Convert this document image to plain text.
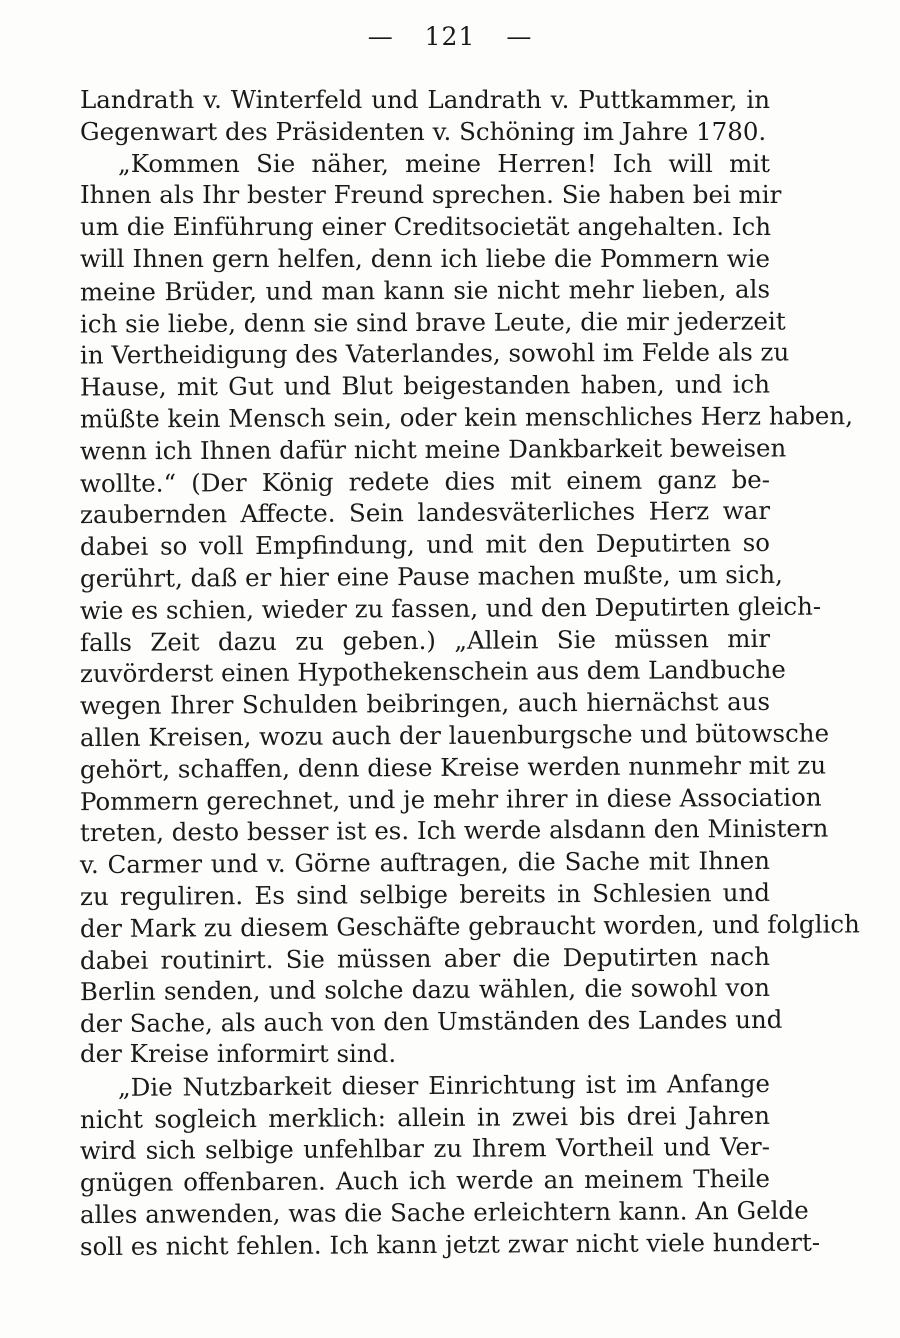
— 121 —
Landrath v. Winterfeld und Landrath v. Puttkammer, in
Gegenwart des Präsidenten v. Schöning im Jahre 1780.
„Kommen Sie näher, meine Herren! Ich will mit
Ihnen als Ihr bester Freund sprechen. Sie haben bei mir
um die Einführung einer Creditsocietät angehalten. Ich
will Ihnen gern helfen, denn ich liebe die Pommern wie
meine Brüder, und man kann sie nicht mehr lieben, als
ich sie liebe, denn sie sind brave Leute, die mir jederzeit
in Vertheidigung des Vaterlandes, sowohl im Felde als zu
Hause, mit Gut und Blut beigestanden haben, und ich
müßte kein Mensch sein, oder kein menschliches Herz haben,
wenn ich Ihnen dafür nicht meine Dankbarkeit beweisen
wollte.“ (Der König redete dies mit einem ganz be-
zaubernden Affecte. Sein landesväterliches Herz war
dabei so voll Empfindung, und mit den Deputirten so
gerührt, daß er hier eine Pause machen mußte, um sich,
wie es schien, wieder zu fassen, und den Deputirten gleich-
falls Zeit dazu zu geben.) „Allein Sie müssen mir
zuvörderst einen Hypothekenschein aus dem Landbuche
wegen Ihrer Schulden beibringen, auch hiernächst aus
allen Kreisen, wozu auch der lauenburgsche und bütowsche
gehört, schaffen, denn diese Kreise werden nunmehr mit zu
Pommern gerechnet, und je mehr ihrer in diese Association
treten, desto besser ist es. Ich werde alsdann den Ministern
v. Carmer und v. Görne auftragen, die Sache mit Ihnen
zu reguliren. Es sind selbige bereits in Schlesien und
der Mark zu diesem Geschäfte gebraucht worden, und folglich
dabei routinirt. Sie müssen aber die Deputirten nach
Berlin senden, und solche dazu wählen, die sowohl von
der Sache, als auch von den Umständen des Landes und
der Kreise informirt sind.
„Die Nutzbarkeit dieser Einrichtung ist im Anfange
nicht sogleich merklich: allein in zwei bis drei Jahren
wird sich selbige unfehlbar zu Ihrem Vortheil und Ver-
gnügen offenbaren. Auch ich werde an meinem Theile
alles anwenden, was die Sache erleichtern kann. An Gelde
soll es nicht fehlen. Ich kann jetzt zwar nicht viele hundert-
